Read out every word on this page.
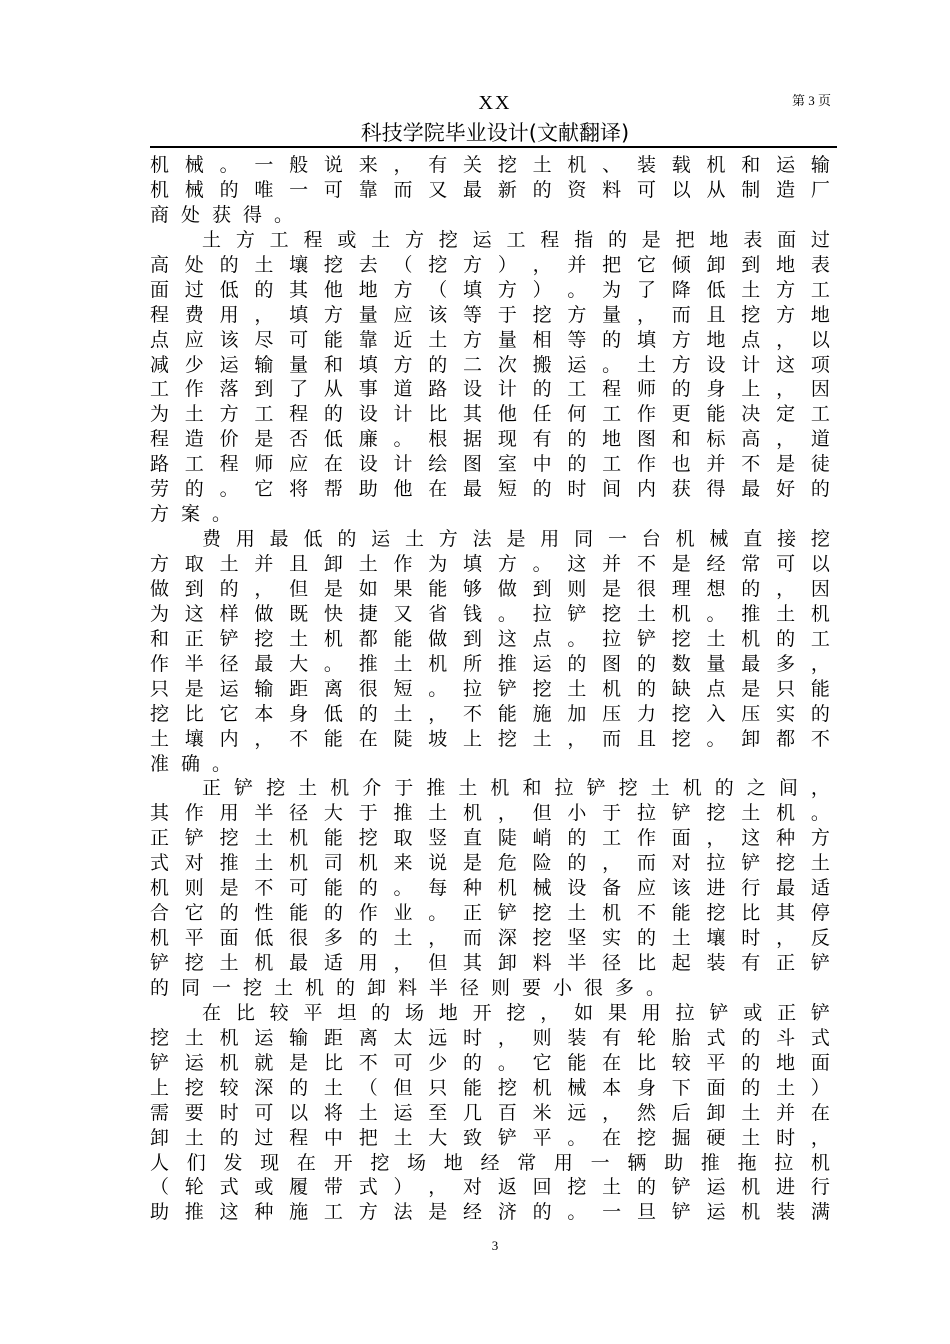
第 3 页
XX
科技学院毕业设计(文献翻译)
机 械 。 一 般 说 来 ， 有 关 挖 土 机 、 装 载 机 和 运 输
机 械 的 唯 一 可 靠 而 又 最 新 的 资 料 可 以 从 制 造 厂
商处获得。
土 方 工 程 或 土 方 挖 运 工 程 指 的 是 把 地 表 面 过
高 处 的 土 壤 挖 去 （ 挖 方 ） ， 并 把 它 倾 卸 到 地 表
面 过 低 的 其 他 地 方 （ 填 方 ） 。 为 了 降 低 土 方 工
程 费 用 ， 填 方 量 应 该 等 于 挖 方 量 ， 而 且 挖 方 地
点 应 该 尽 可 能 靠 近 土 方 量 相 等 的 填 方 地 点 ， 以
减 少 运 输 量 和 填 方 的 二 次 搬 运 。 土 方 设 计 这 项
工 作 落 到 了 从 事 道 路 设 计 的 工 程 师 的 身 上 ， 因
为 土 方 工 程 的 设 计 比 其 他 任 何 工 作 更 能 决 定 工
程 造 价 是 否 低 廉 。 根 据 现 有 的 地 图 和 标 高 ， 道
路 工 程 师 应 在 设 计 绘 图 室 中 的 工 作 也 并 不 是 徒
劳 的 。 它 将 帮 助 他 在 最 短 的 时 间 内 获 得 最 好 的
方案。
费 用 最 低 的 运 土 方 法 是 用 同 一 台 机 械 直 接 挖
方 取 土 并 且 卸 土 作 为 填 方 。 这 并 不 是 经 常 可 以
做 到 的 ， 但 是 如 果 能 够 做 到 则 是 很 理 想 的 ， 因
为 这 样 做 既 快 捷 又 省 钱 。 拉 铲 挖 土 机 。 推 土 机
和 正 铲 挖 土 机 都 能 做 到 这 点 。 拉 铲 挖 土 机 的 工
作 半 径 最 大 。 推 土 机 所 推 运 的 图 的 数 量 最 多 ，
只 是 运 输 距 离 很 短 。 拉 铲 挖 土 机 的 缺 点 是 只 能
挖 比 它 本 身 低 的 土 ， 不 能 施 加 压 力 挖 入 压 实 的
土 壤 内 ， 不 能 在 陡 坡 上 挖 土 ， 而 且 挖 。 卸 都 不
准确。
正 铲 挖 土 机 介 于 推 土 机 和 拉 铲 挖 土 机 的 之 间 ，
其 作 用 半 径 大 于 推 土 机 ， 但 小 于 拉 铲 挖 土 机 。
正 铲 挖 土 机 能 挖 取 竖 直 陡 峭 的 工 作 面 ， 这 种 方
式 对 推 土 机 司 机 来 说 是 危 险 的 ， 而 对 拉 铲 挖 土
机 则 是 不 可 能 的 。 每 种 机 械 设 备 应 该 进 行 最 适
合 它 的 性 能 的 作 业 。 正 铲 挖 土 机 不 能 挖 比 其 停
机 平 面 低 很 多 的 土 ， 而 深 挖 坚 实 的 土 壤 时 ， 反
铲 挖 土 机 最 适 用 ， 但 其 卸 料 半 径 比 起 装 有 正 铲
的同一挖土机的卸料半径则要小很多。
在 比 较 平 坦 的 场 地 开 挖 ， 如 果 用 拉 铲 或 正 铲
挖 土 机 运 输 距 离 太 远 时 ， 则 装 有 轮 胎 式 的 斗 式
铲 运 机 就 是 比 不 可 少 的 。 它 能 在 比 较 平 的 地 面
上 挖 较 深 的 土 （ 但 只 能 挖 机 械 本 身 下 面 的 土 ）
需 要 时 可 以 将 土 运 至 几 百 米 远 ， 然 后 卸 土 并 在
卸 土 的 过 程 中 把 土 大 致 铲 平 。 在 挖 掘 硬 土 时 ，
人 们 发 现 在 开 挖 场 地 经 常 用 一 辆 助 推 拖 拉 机
（ 轮 式 或 履 带 式 ） ， 对 返 回 挖 土 的 铲 运 机 进 行
助 推 这 种 施 工 方 法 是 经 济 的 。 一 旦 铲 运 机 装 满
3
